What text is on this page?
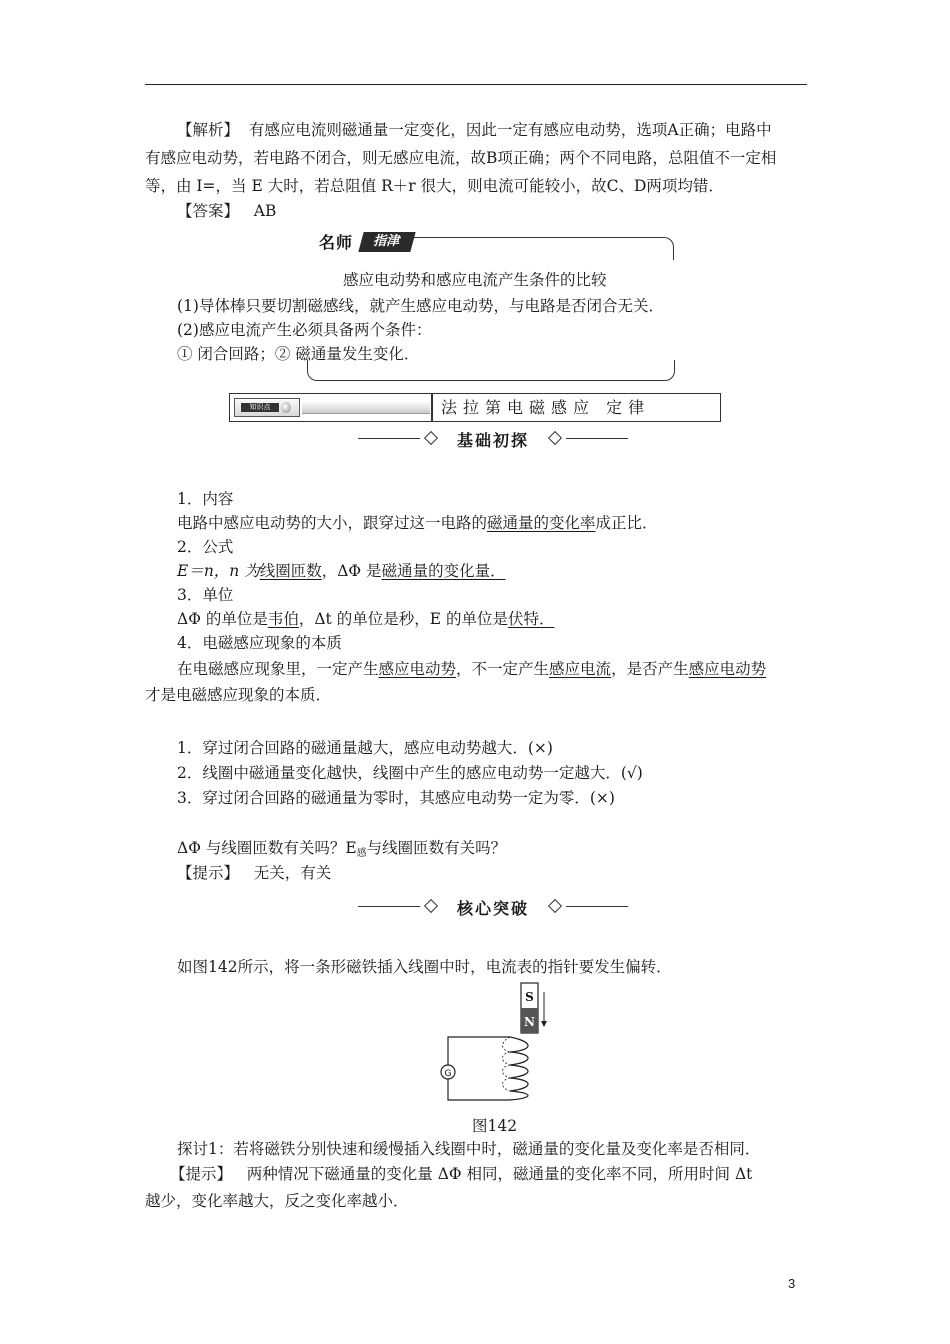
【解析】 有感应电流则磁通量一定变化，因此一定有感应电动势，选项A正确；电路中
有感应电动势，若电路不闭合，则无感应电流，故B项正确；两个不同电路，总阻值不一定相
等，由 I=，当 E 大时，若总阻值 R＋r 很大，则电流可能较小，故C、D两项均错．
【答案】 AB
名师	指津
感应电动势和感应电流产生条件的比较
(1)导体棒只要切割磁感线，就产生感应电动势，与电路是否闭合无关．
(2)感应电流产生必须具备两个条件：
① 闭合回路；② 磁通量发生变化．
知识点	法拉第电磁感应 定律
基础初探
1．内容
电路中感应电动势的大小，跟穿过这一电路的磁通量的变化率成正比．
2．公式
E＝n，n 为线圈匝数，ΔΦ 是磁通量的变化量．
3．单位
ΔΦ 的单位是韦伯，Δt 的单位是秒，E 的单位是伏特．
4．电磁感应现象的本质
在电磁感应现象里，一定产生感应电动势，不一定产生感应电流，是否产生感应电动势
才是电磁感应现象的本质．
1．穿过闭合回路的磁通量越大，感应电动势越大．(×)
2．线圈中磁通量变化越快，线圈中产生的感应电动势一定越大．(√)
3．穿过闭合回路的磁通量为零时，其感应电动势一定为零．(×)
ΔΦ 与线圈匝数有关吗？$E_感$与线圈匝数有关吗？
【提示】 无关，有关
核心突破
如图142所示，将一条形磁铁插入线圈中时，电流表的指针要发生偏转．
S
N
G
图142
探讨1：若将磁铁分别快速和缓慢插入线圈中时，磁通量的变化量及变化率是否相同．
【提示】 两种情况下磁通量的变化量 ΔΦ 相同，磁通量的变化率不同，所用时间 Δt
越少，变化率越大，反之变化率越小．
3
